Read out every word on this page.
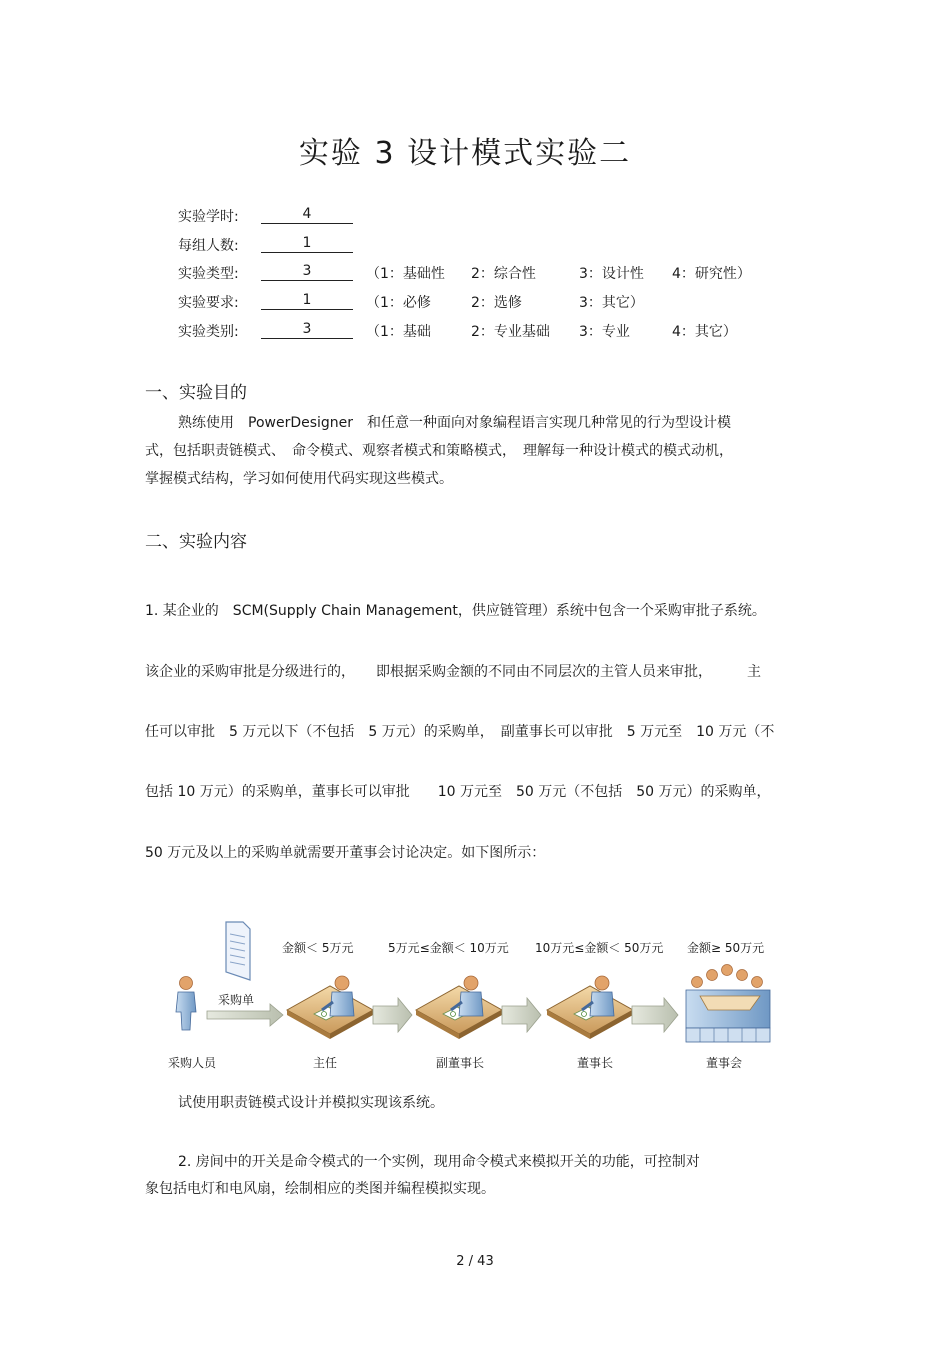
实验 3 设计模式实验二
实验学时:	4
每组人数:	1
实验类型:	3	（1：基础性 2：综合性	3：设计性 4：研究性）
实验要求:	1	（1：必修	2：选修	3：其它）
实验类别:	3	（1：基础	2：专业基础 3：专业	4：其它）
一、实验目的
熟练使用　PowerDesigner　和任意一种面向对象编程语言实现几种常见的行为型设计模
式，包括职责链模式、　命令模式、观察者模式和策略模式，　理解每一种设计模式的模式动机，
掌握模式结构，学习如何使用代码实现这些模式。
二、实验内容
1. 某企业的　SCM(Supply Chain Management，供应链管理）系统中包含一个采购审批子系统。
该企业的采购审批是分级进行的，　　即根据采购金额的不同由不同层次的主管人员来审批，　　　主
任可以审批　5 万元以下（不包括　5 万元）的采购单，　副董事长可以审批　5 万元至　10 万元（不
包括 10 万元）的采购单，董事长可以审批　　10 万元至　50 万元（不包括　50 万元）的采购单，
50 万元及以上的采购单就需要开董事会讨论决定。如下图所示：
采购单
金额＜ 5万元	5万元≤金额＜ 10万元 10万元≤金额＜ 50万元 金额≥ 50万元
采购人员	主任	副董事长	董事长	董事会
试使用职责链模式设计并模拟实现该系统。
2. 房间中的开关是命令模式的一个实例，现用命令模式来模拟开关的功能，可控制对
象包括电灯和电风扇，绘制相应的类图并编程模拟实现。
2 / 43
